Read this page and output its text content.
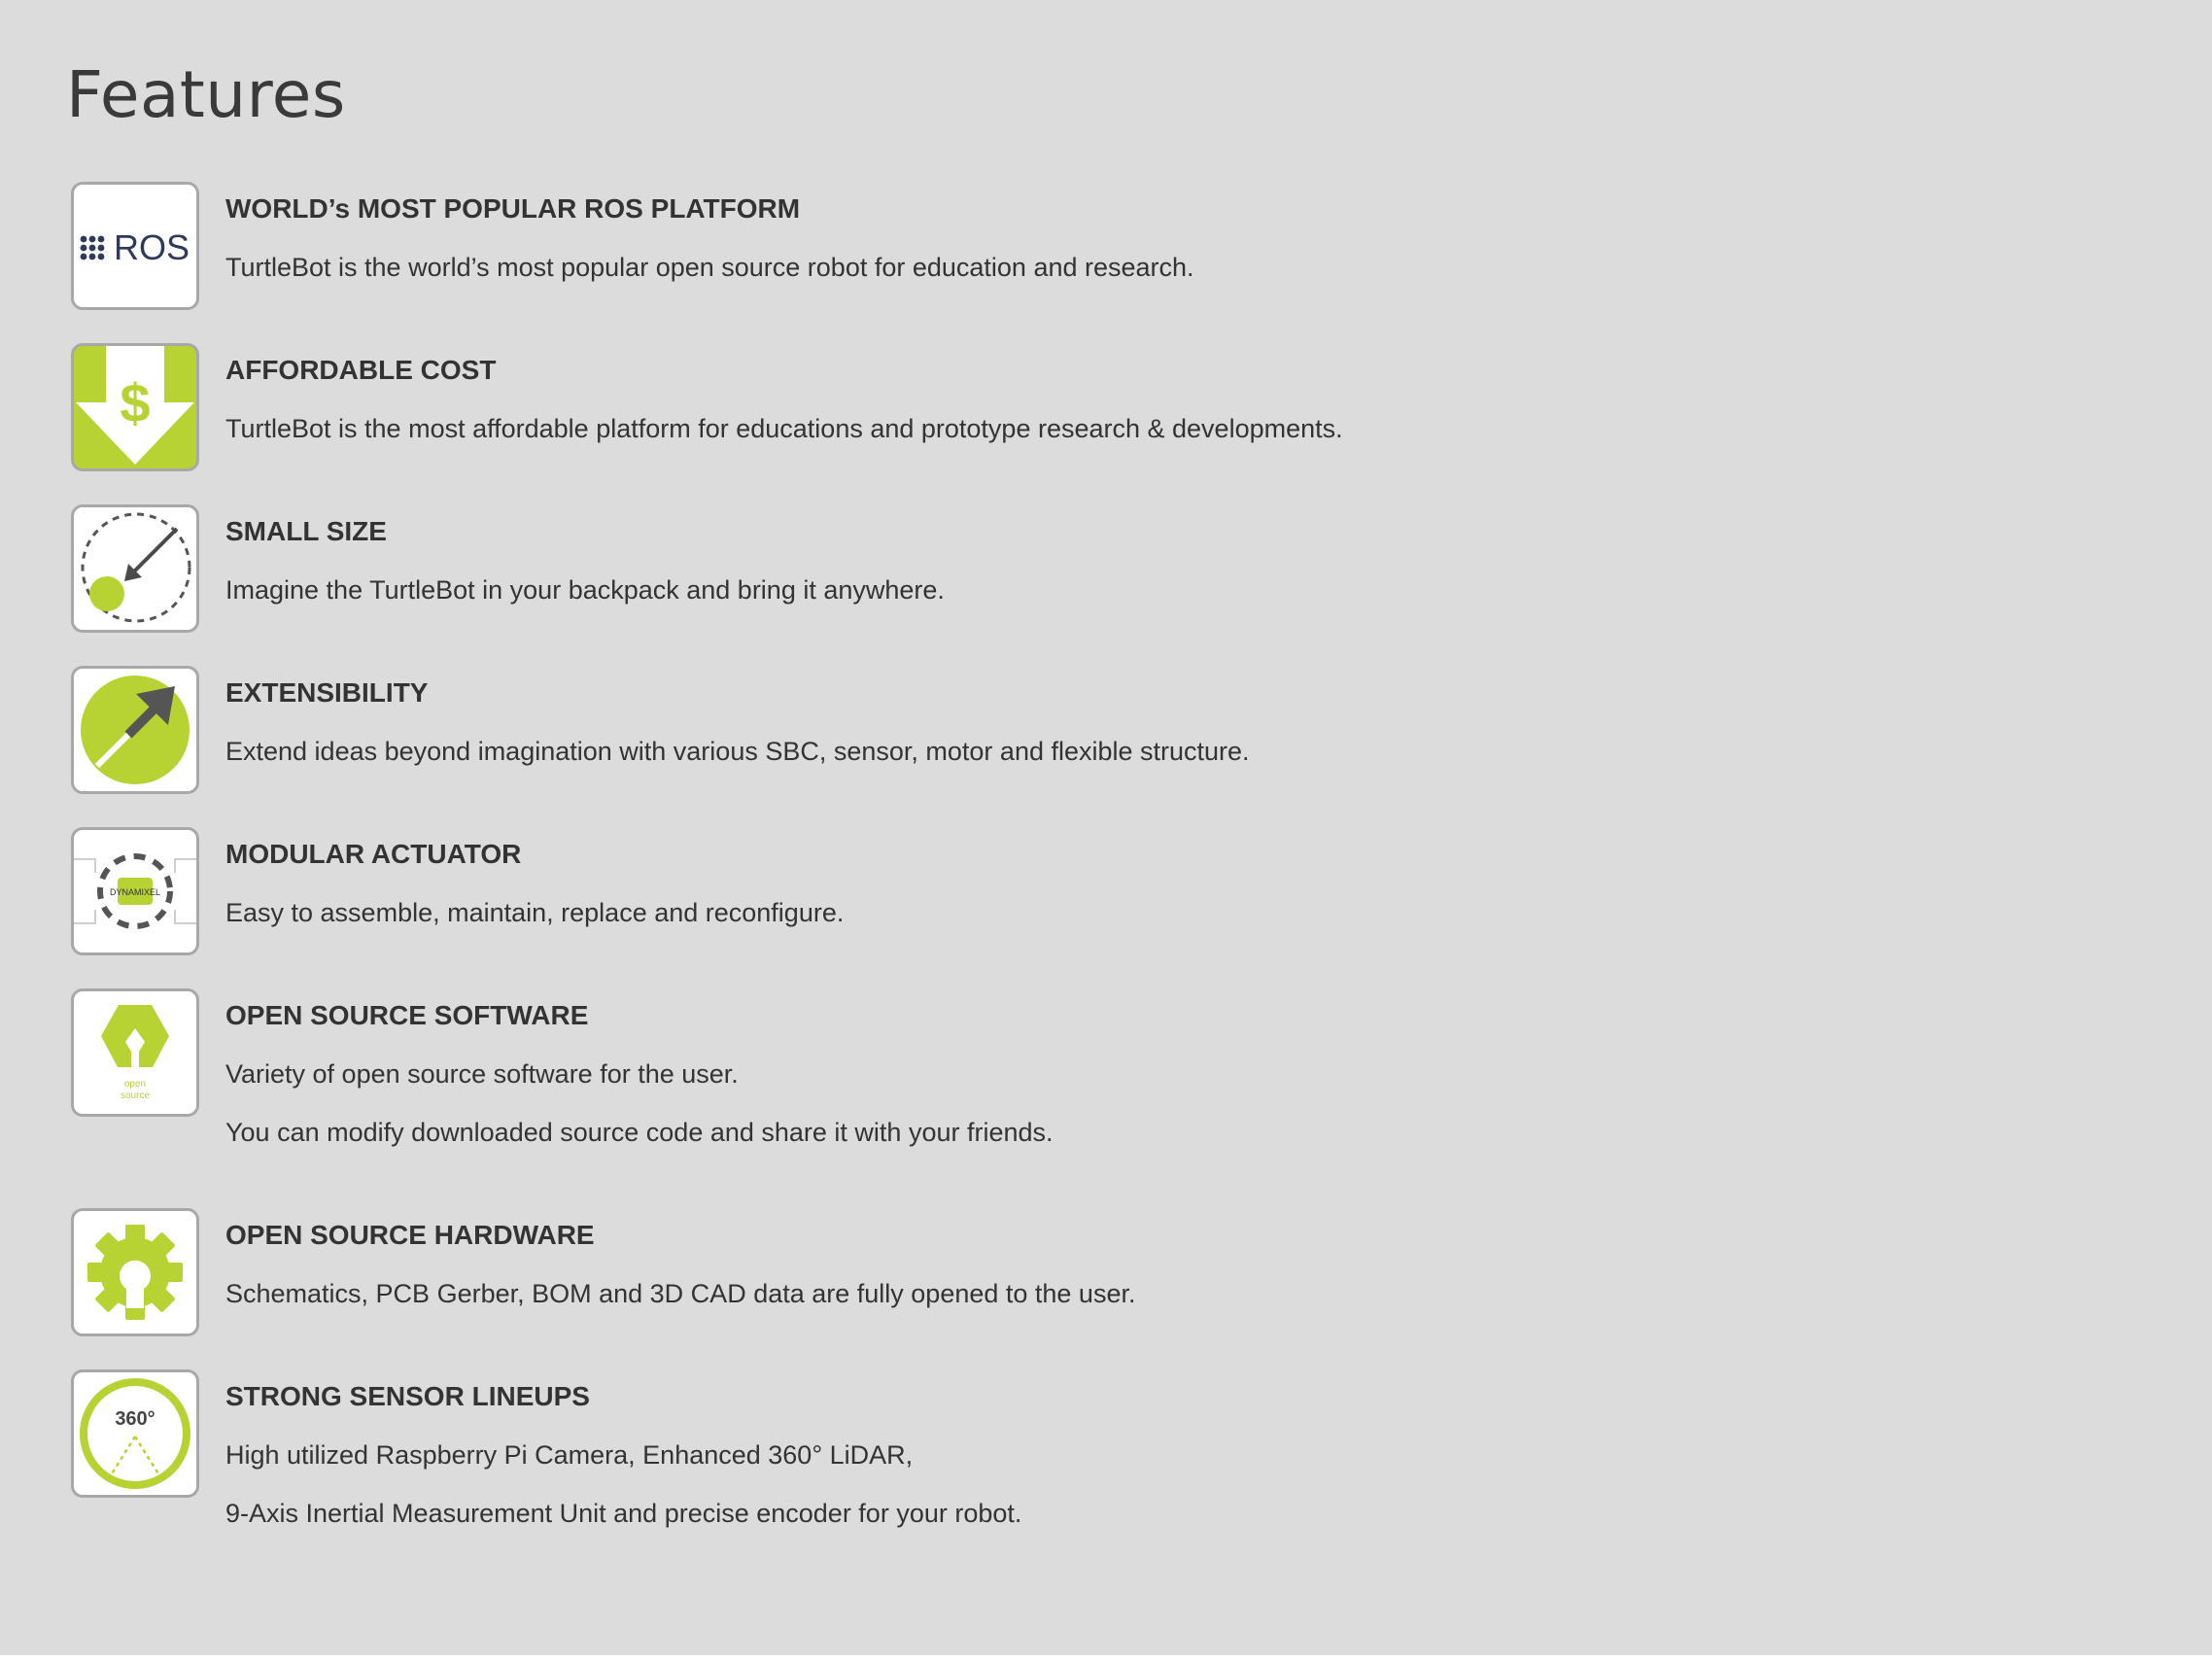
Features
ROS
WORLD’s MOST POPULAR ROS PLATFORM
TurtleBot is the world’s most popular open source robot for education and research.
$
AFFORDABLE COST
TurtleBot is the most affordable platform for educations and prototype research & developments.
SMALL SIZE
Imagine the TurtleBot in your backpack and bring it anywhere.
EXTENSIBILITY
Extend ideas beyond imagination with various SBC, sensor, motor and flexible structure.
DYNAMIXEL
MODULAR ACTUATOR
Easy to assemble, maintain, replace and reconfigure.
open
source
OPEN SOURCE SOFTWARE
Variety of open source software for the user.
You can modify downloaded source code and share it with your friends.
OPEN SOURCE HARDWARE
Schematics, PCB Gerber, BOM and 3D CAD data are fully opened to the user.
360°
STRONG SENSOR LINEUPS
High utilized Raspberry Pi Camera, Enhanced 360° LiDAR,
9-Axis Inertial Measurement Unit and precise encoder for your robot.
